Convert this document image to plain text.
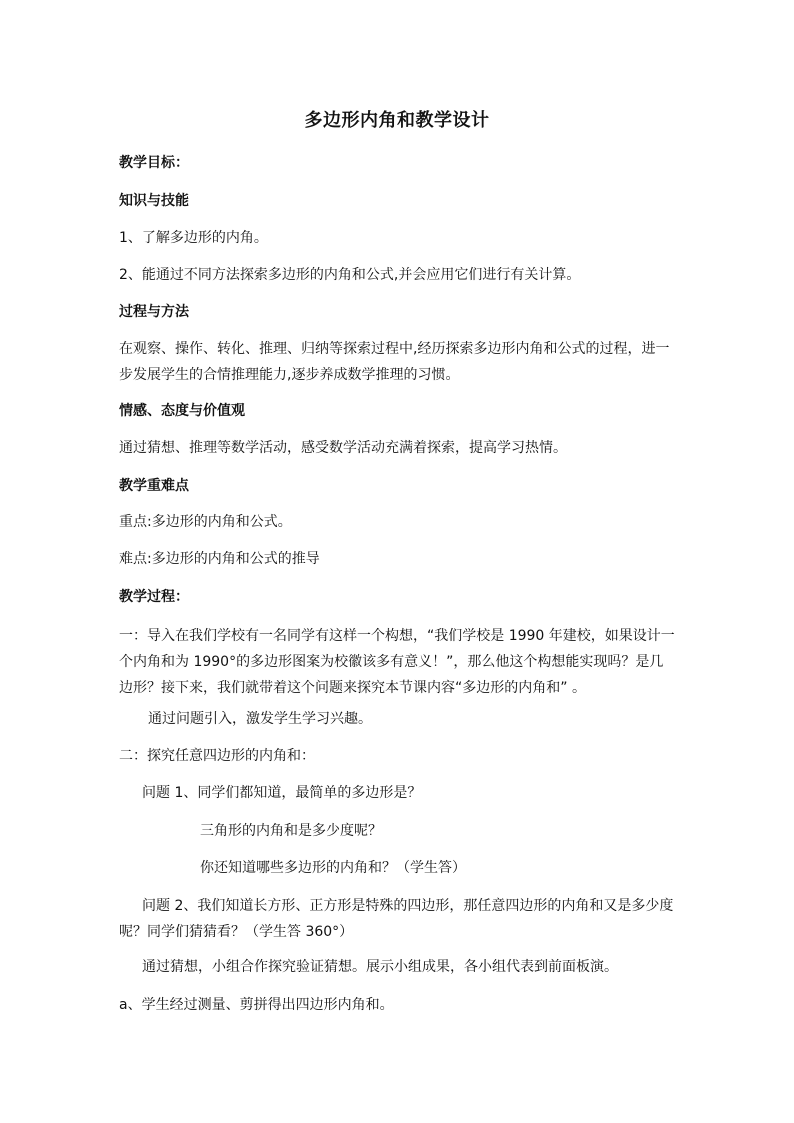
多边形内角和教学设计
教学目标：
知识与技能
1、了解多边形的内角。
2、能通过不同方法探索多边形的内角和公式,并会应用它们进行有关计算。
过程与方法
在观察、操作、转化、推理、归纳等探索过程中,经历探索多边形内角和公式的过程，进一步发展学生的合情推理能力,逐步养成数学推理的习惯。
情感、态度与价值观
通过猜想、推理等数学活动，感受数学活动充满着探索，提高学习热情。
教学重难点
重点:多边形的内角和公式。
难点:多边形的内角和公式的推导
教学过程：
一：导入在我们学校有一名同学有这样一个构想，“我们学校是 1990 年建校，如果设计一个内角和为 1990°的多边形图案为校徽该多有意义！”，那么他这个构想能实现吗？是几边形？接下来，我们就带着这个问题来探究本节课内容“多边形的内角和” 。
通过问题引入，激发学生学习兴趣。
二：探究任意四边形的内角和：
问题 1、同学们都知道，最简单的多边形是？
三角形的内角和是多少度呢？
你还知道哪些多边形的内角和？（学生答）
问题 2、我们知道长方形、正方形是特殊的四边形，那任意四边形的内角和又是多少度呢？同学们猜猜看？（学生答 360°）
通过猜想，小组合作探究验证猜想。展示小组成果，各小组代表到前面板演。
a、学生经过测量、剪拼得出四边形内角和。
